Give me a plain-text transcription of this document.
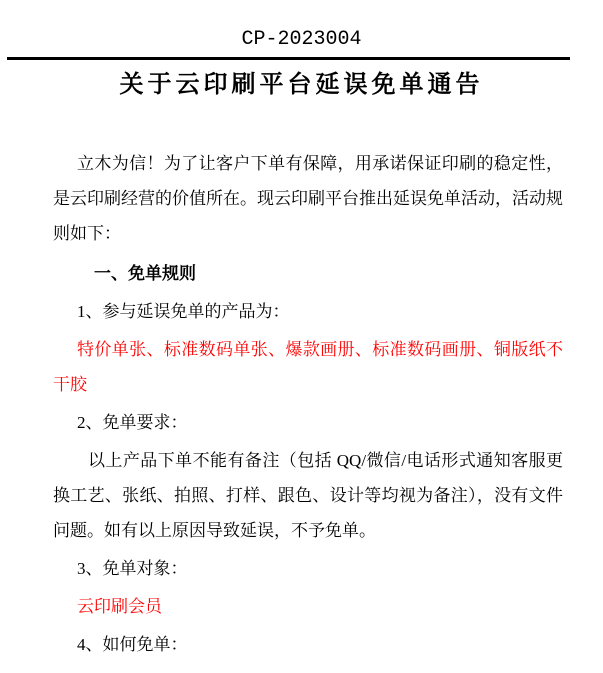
CP-2023004
关于云印刷平台延误免单通告

立木为信！为了让客户下单有保障，用承诺保证印刷的稳定性，是云印刷经营的价值所在。现云印刷平台推出延误免单活动，活动规则如下：

一、免单规则

1、参与延误免单的产品为：

特价单张、标准数码单张、爆款画册、标准数码画册、铜版纸不干胶

2、免单要求：

以上产品下单不能有备注（包括 QQ/微信/电话形式通知客服更换工艺、张纸、拍照、打样、跟色、设计等均视为备注），没有文件问题。如有以上原因导致延误，不予免单。

3、免单对象：

云印刷会员

4、如何免单：
